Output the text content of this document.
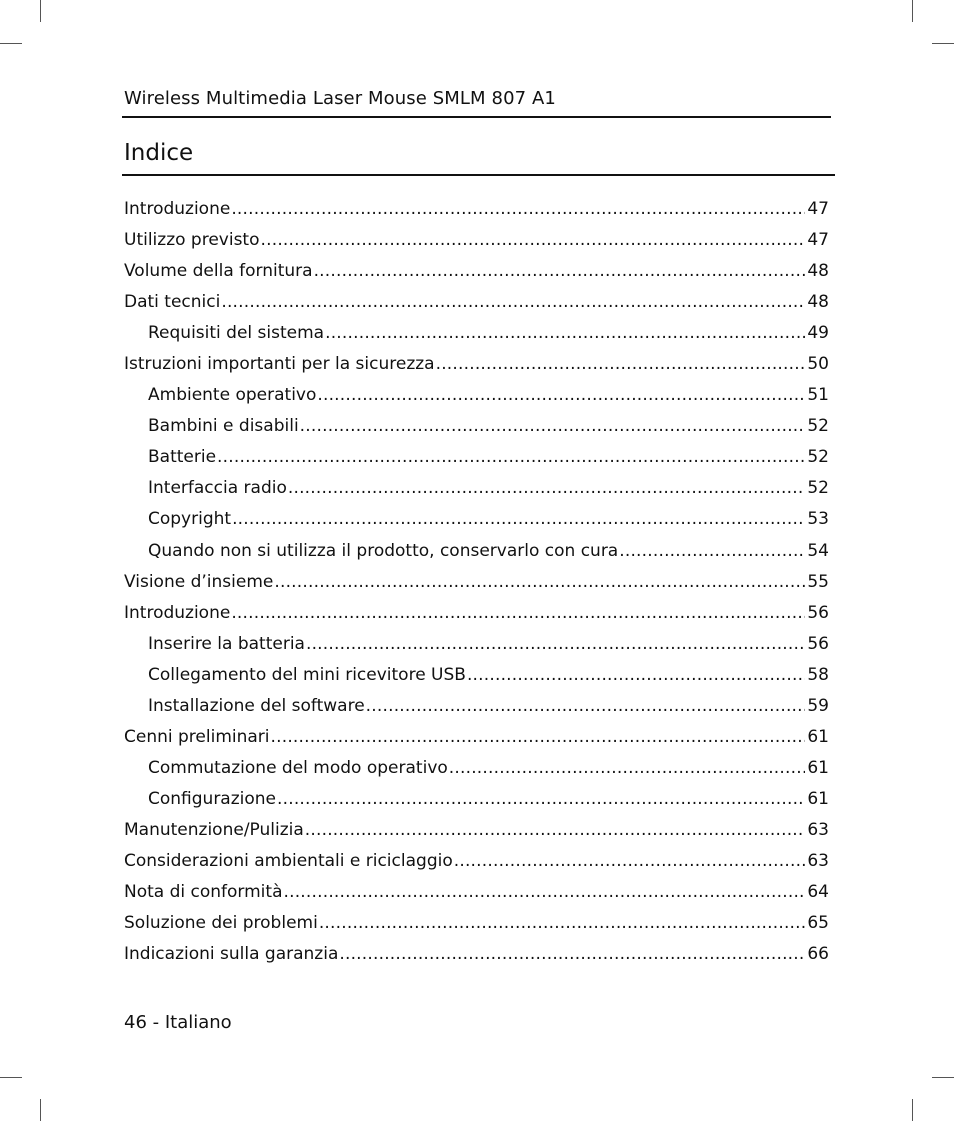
Wireless Multimedia Laser Mouse SMLM 807 A1
Indice
Introduzione .....	47
Utilizzo previsto .....	47
Volume della fornitura .....	48
Dati tecnici .....	48
Requisiti del sistema .....	49
Istruzioni importanti per la sicurezza .....	50
Ambiente operativo .....	51
Bambini e disabili .....	52
Batterie .....	52
Interfaccia radio .....	52
Copyright .....	53
Quando non si utilizza il prodotto, conservarlo con cura .....	54
Visione d’insieme .....	55
Introduzione .....	56
Inserire la batteria .....	56
Collegamento del mini ricevitore USB .....	58
Installazione del software .....	59
Cenni preliminari .....	61
Commutazione del modo operativo .....	61
Configurazione .....	61
Manutenzione/Pulizia .....	63
Considerazioni ambientali e riciclaggio .....	63
Nota di conformità .....	64
Soluzione dei problemi .....	65
Indicazioni sulla garanzia .....	66
46 - Italiano
